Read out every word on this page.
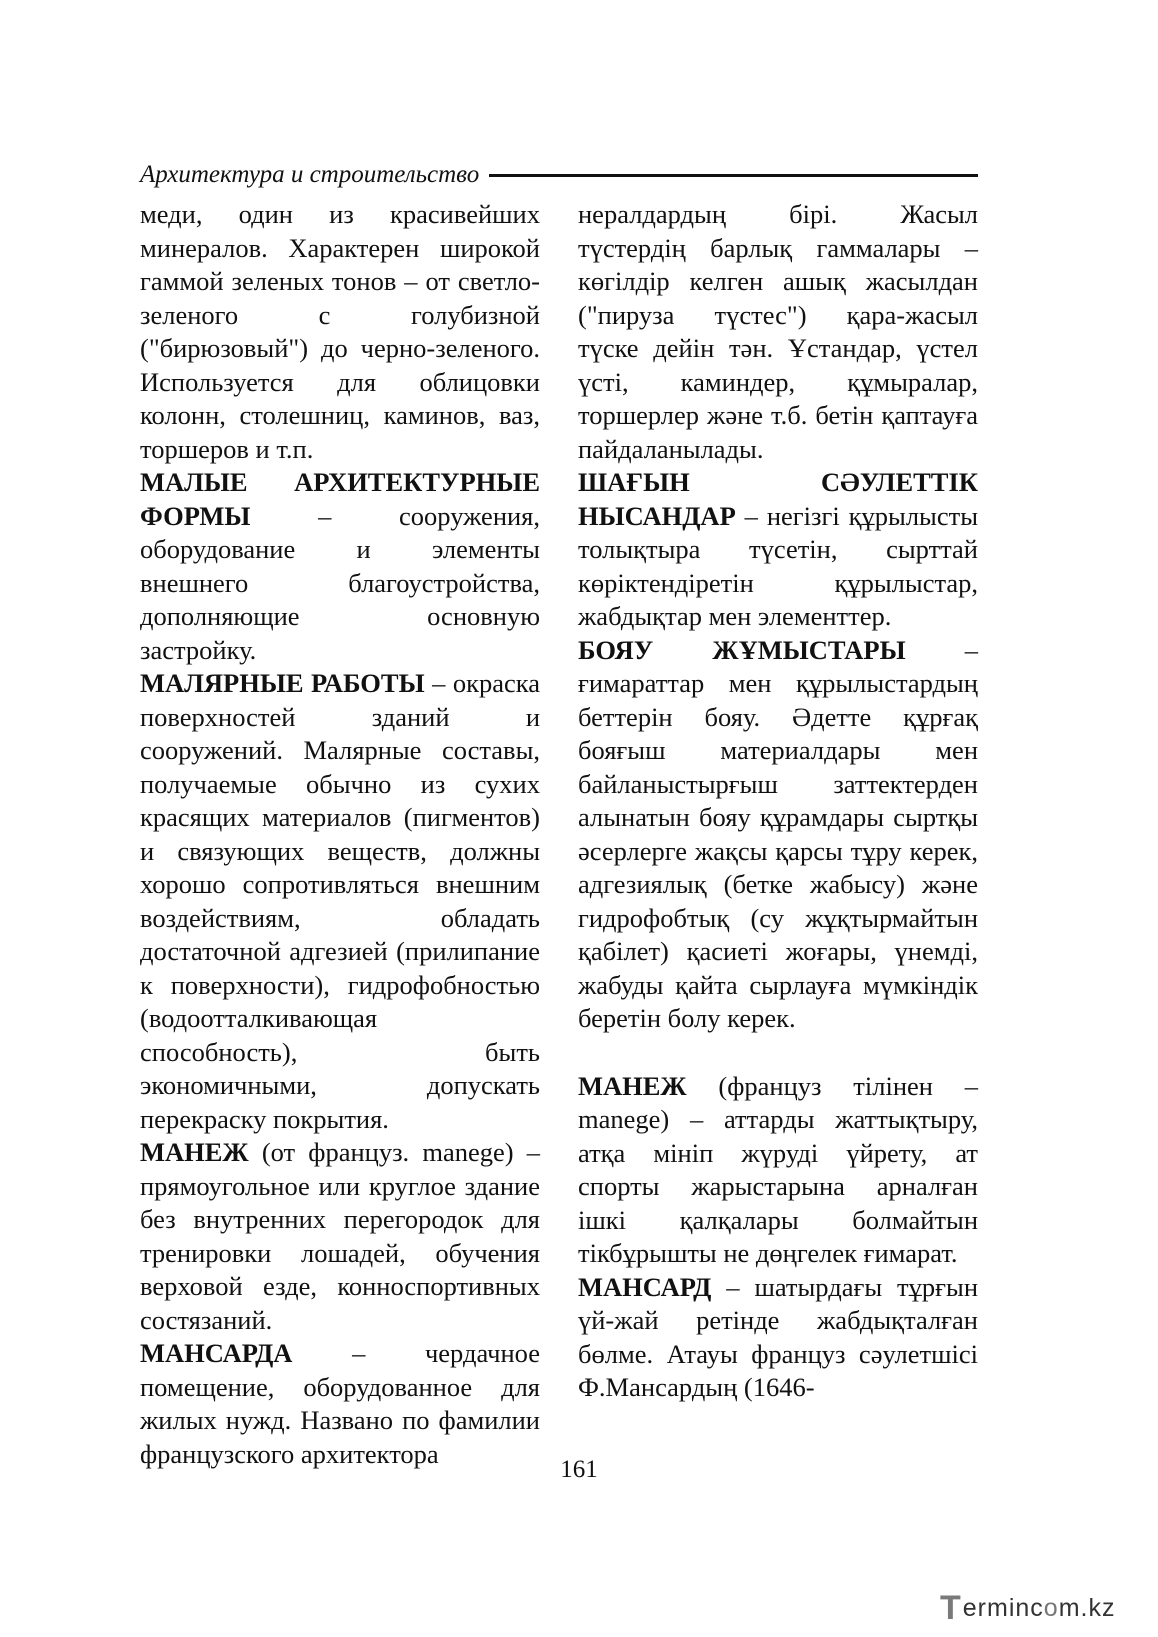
Архитектура и строительство

меди, один из красивейших минералов. Характерен широкой гаммой зеленых тонов – от светло-зеленого с голубизной ("бирюзовый") до черно-зеленого. Используется для облицовки колонн, столешниц, каминов, ваз, торшеров и т.п.

МАЛЫЕ АРХИТЕКТУРНЫЕ ФОРМЫ – сооружения, оборудование и элементы внешнего благоустройства, дополняющие основную застройку.

МАЛЯРНЫЕ РАБОТЫ – окраска поверхностей зданий и сооружений. Малярные составы, получаемые обычно из сухих красящих материалов (пигментов) и связующих веществ, должны хорошо сопротивляться внешним воздействиям, обладать достаточной адгезией (прилипание к поверхности), гидрофобностью (водоотталкивающая способность), быть экономичными, допускать перекраску покрытия.

МАНЕЖ (от француз. manege) – прямоугольное или круглое здание без внутренних перегородок для тренировки лошадей, обучения верховой езде, конноспортивных состязаний.

МАНСАРДА – чердачное помещение, оборудованное для жилых нужд. Названо по фамилии французского архитектора

нералдардың бірі. Жасыл түстердің барлық гаммалары – көгілдір келген ашық жасылдан ("пируза түстес") қара-жасыл түске дейін тән. Ұстандар, үстел үсті, каминдер, құмыралар, торшерлер және т.б. бетін қаптауға пайдаланылады.

ШАҒЫН СӘУЛЕТТІК НЫСАНДАР – негізгі құрылысты толықтыра түсетін, сырттай көріктендіретін құрылыстар, жабдықтар мен элементтер.

БОЯУ ЖҰМЫСТАРЫ – ғимараттар мен құрылыстардың беттерін бояу. Әдетте құрғақ бояғыш материалдары мен байланыстырғыш заттектерден алынатын бояу құрамдары сыртқы әсерлерге жақсы қарсы тұру керек, адгезиялық (бетке жабысу) және гидрофобтық (су жұқтырмайтын қабілет) қасиеті жоғары, үнемді, жабуды қайта сырлауға мүмкіндік беретін болу керек.

МАНЕЖ (француз тілінен – manege) – аттарды жаттықтыру, атқа мініп жүруді үйрету, ат спорты жарыстарына арналған ішкі қалқалары болмайтын тікбұрышты не дөңгелек ғимарат.

МАНСАРД – шатырдағы тұрғын үй-жай ретінде жабдықталған бөлме. Атауы француз сәулетшісі Ф.Мансардың (1646-

161
T ermin c o m.kz
